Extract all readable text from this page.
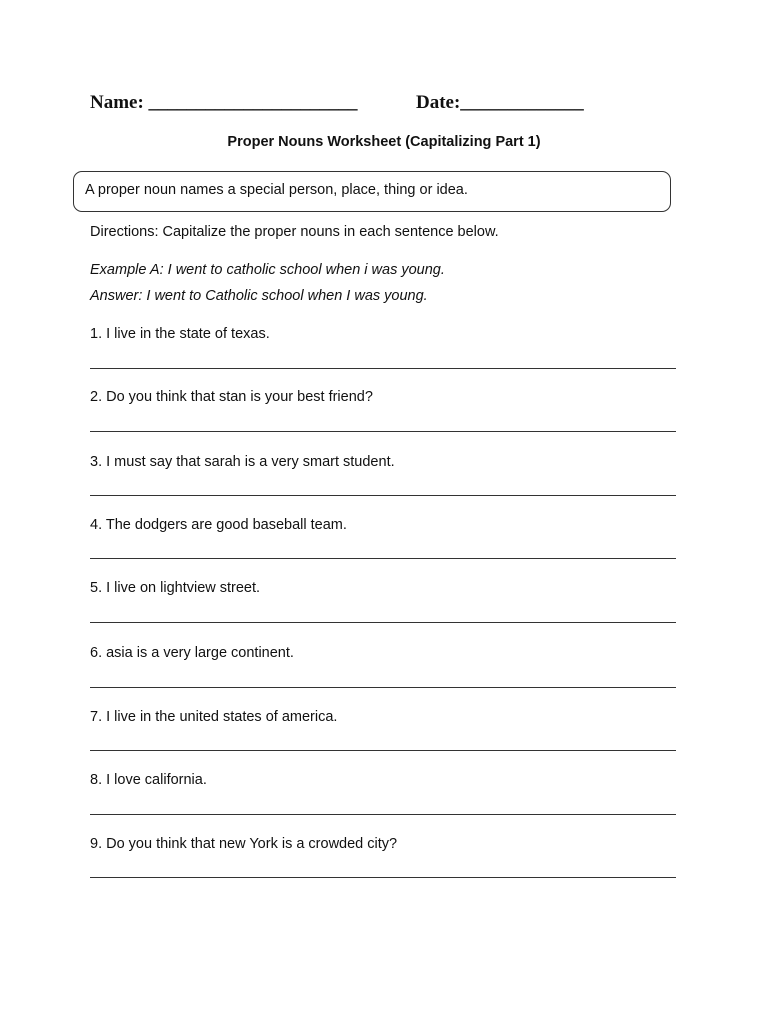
Name: ______________________	Date:_____________
Proper Nouns Worksheet (Capitalizing Part 1)
A proper noun names a special person, place, thing or idea.
Directions: Capitalize the proper nouns in each sentence below.
Example A: I went to catholic school when i was young.
Answer: I went to Catholic school when I was young.
1. I live in the state of texas.
2. Do you think that stan is your best friend?
3. I must say that sarah is a very smart student.
4. The dodgers are good baseball team.
5. I live on lightview street.
6. asia is a very large continent.
7. I live in the united states of america.
8. I love california.
9. Do you think that new York is a crowded city?
